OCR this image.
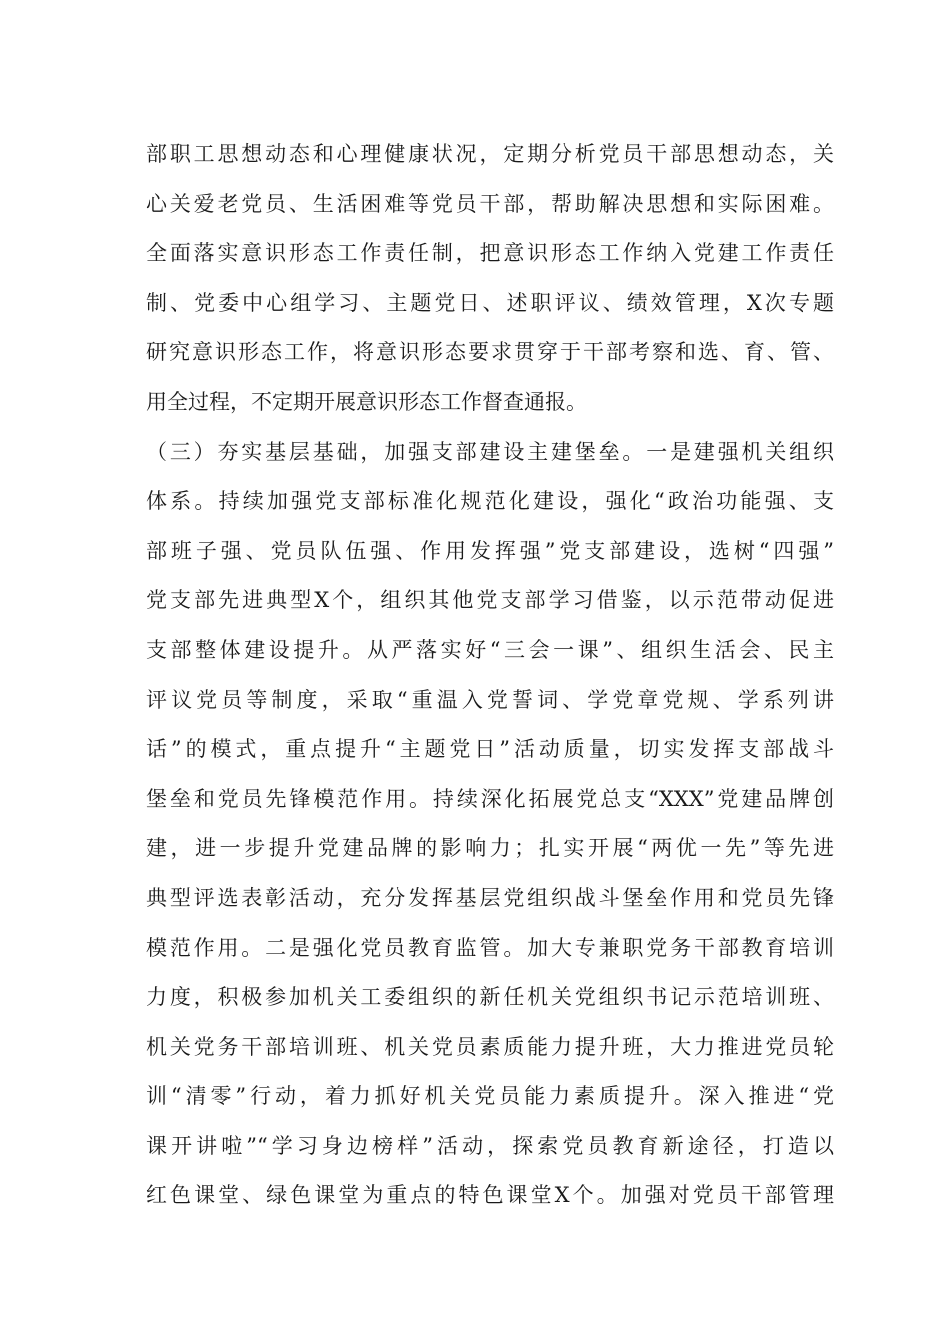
部职工思想动态和心理健康状况，定期分析党员干部思想动态，关
心关爱老党员、生活困难等党员干部，帮助解决思想和实际困难。
全面落实意识形态工作责任制，把意识形态工作纳入党建工作责任
制、党委中心组学习、主题党日、述职评议、绩效管理，X次专题
研究意识形态工作，将意识形态要求贯穿于干部考察和选、育、管、
用全过程，不定期开展意识形态工作督查通报。
（三）夯实基层基础，加强支部建设主建堡垒。一是建强机关组织
体系。持续加强党支部标准化规范化建设，强化“政治功能强、支
部班子强、党员队伍强、作用发挥强”党支部建设，选树“四强”
党支部先进典型X个，组织其他党支部学习借鉴，以示范带动促进
支部整体建设提升。从严落实好“三会一课”、组织生活会、民主
评议党员等制度，采取“重温入党誓词、学党章党规、学系列讲
话”的模式，重点提升“主题党日”活动质量，切实发挥支部战斗
堡垒和党员先锋模范作用。持续深化拓展党总支“XXX”党建品牌创
建，进一步提升党建品牌的影响力；扎实开展“两优一先”等先进
典型评选表彰活动，充分发挥基层党组织战斗堡垒作用和党员先锋
模范作用。二是强化党员教育监管。加大专兼职党务干部教育培训
力度，积极参加机关工委组织的新任机关党组织书记示范培训班、
机关党务干部培训班、机关党员素质能力提升班，大力推进党员轮
训“清零”行动，着力抓好机关党员能力素质提升。深入推进“党
课开讲啦”“学习身边榜样”活动，探索党员教育新途径，打造以
红色课堂、绿色课堂为重点的特色课堂X个。加强对党员干部管理
